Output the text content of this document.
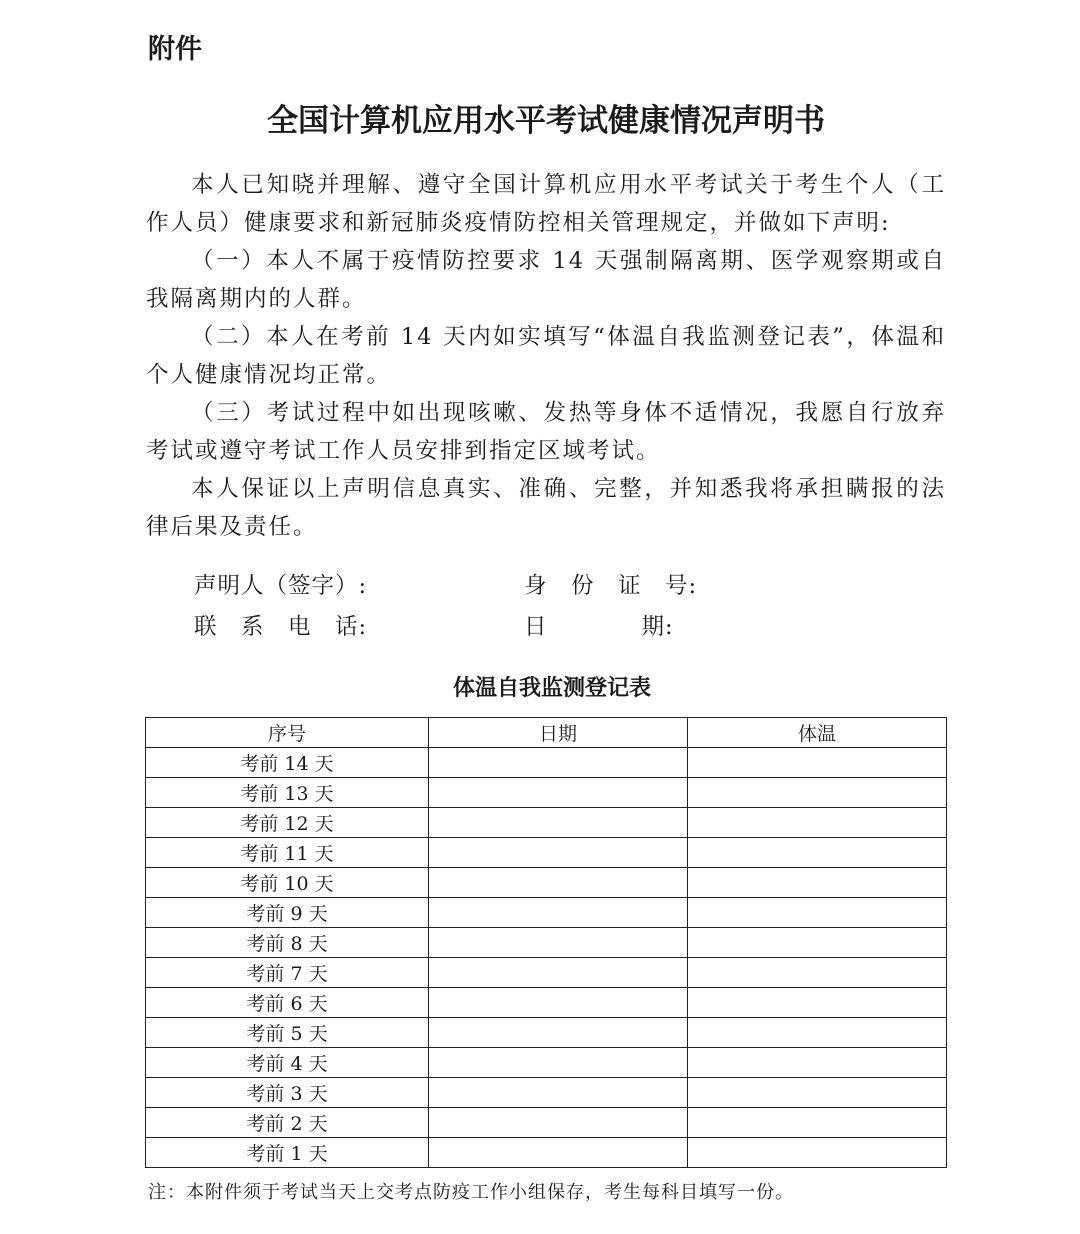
附件
全国计算机应用水平考试健康情况声明书

本人已知晓并理解、遵守全国计算机应用水平考试关于考生个人（工作人员）健康要求和新冠肺炎疫情防控相关管理规定，并做如下声明:

（一）本人不属于疫情防控要求 14 天强制隔离期、医学观察期或自我隔离期内的人群。

（二）本人在考前 14 天内如实填写“体温自我监测登记表”，体温和个人健康情况均正常。

（三）考试过程中如出现咳嗽、发热等身体不适情况，我愿自行放弃考试或遵守考试工作人员安排到指定区域考试。

本人保证以上声明信息真实、准确、完整，并知悉我将承担瞒报的法律后果及责任。

声明人（签字）:	身　份　证　号:
联　系　电　话:	日　　　　期:
体温自我监测登记表
序号	日期	体温
考前 14 天		
考前 13 天		
考前 12 天		
考前 11 天		
考前 10 天		
考前 9 天		
考前 8 天		
考前 7 天		
考前 6 天		
考前 5 天		
考前 4 天		
考前 3 天		
考前 2 天		
考前 1 天		
注：本附件须于考试当天上交考点防疫工作小组保存，考生每科目填写一份。
